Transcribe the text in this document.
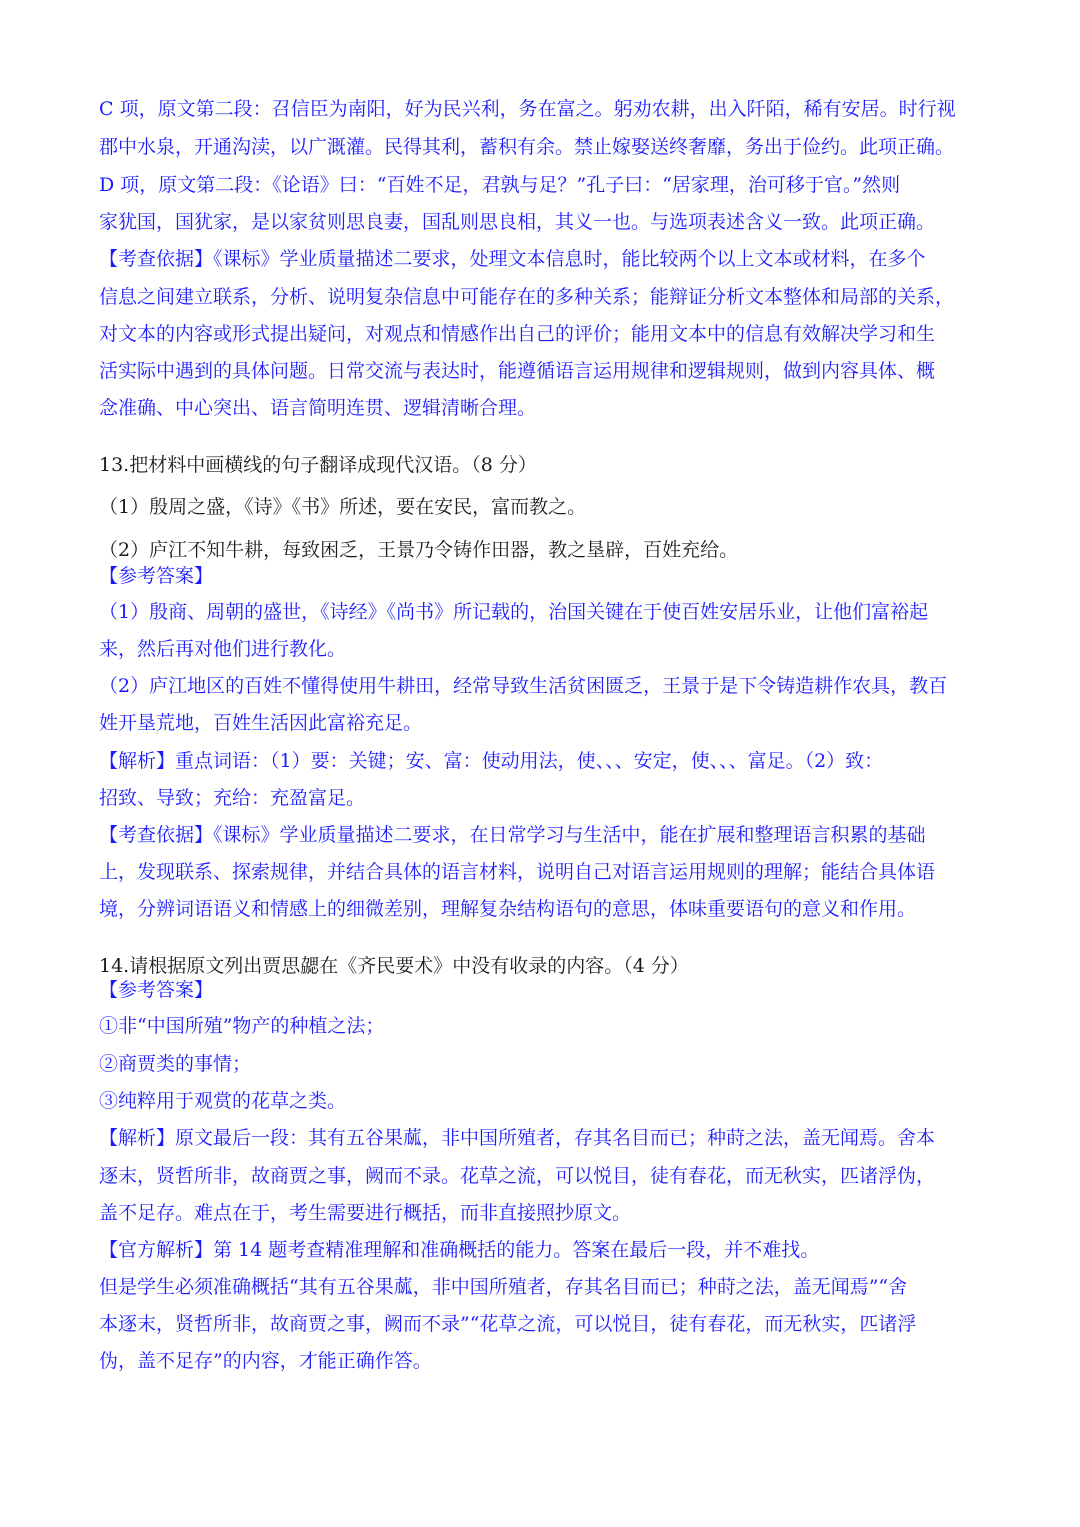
C 项，原文第二段：召信臣为南阳，好为民兴利，务在富之。躬劝农耕，出入阡陌，稀有安居。时行视
郡中水泉，开通沟渎，以广溉灌。民得其利，蓄积有余。禁止嫁娶送终奢靡，务出于俭约。此项正确。
D 项，原文第二段：《论语》曰：“百姓不足，君孰与足？”孔子曰：“居家理，治可移于官。”然则
家犹国，国犹家，是以家贫则思良妻，国乱则思良相，其义一也。与选项表述含义一致。此项正确。
【考查依据】《课标》学业质量描述二要求，处理文本信息时，能比较两个以上文本或材料，在多个
信息之间建立联系，分析、说明复杂信息中可能存在的多种关系；能辩证分析文本整体和局部的关系，
对文本的内容或形式提出疑问，对观点和情感作出自己的评价；能用文本中的信息有效解决学习和生
活实际中遇到的具体问题。日常交流与表达时，能遵循语言运用规律和逻辑规则，做到内容具体、概
念准确、中心突出、语言简明连贯、逻辑清晰合理。
13.把材料中画横线的句子翻译成现代汉语。（8 分）
（1）殷周之盛，《诗》《书》所述，要在安民，富而教之。
（2）庐江不知牛耕，每致困乏，王景乃令铸作田器，教之垦辟，百姓充给。
【参考答案】
（1）殷商、周朝的盛世，《诗经》《尚书》所记载的，治国关键在于使百姓安居乐业，让他们富裕起
来，然后再对他们进行教化。
（2）庐江地区的百姓不懂得使用牛耕田，经常导致生活贫困匮乏，王景于是下令铸造耕作农具，教百
姓开垦荒地，百姓生活因此富裕充足。
【解析】重点词语：（1）要：关键；安、富：使动用法，使、、、安定，使、、、富足。（2）致：
招致、导致；充给：充盈富足。
【考查依据】《课标》学业质量描述二要求，在日常学习与生活中，能在扩展和整理语言积累的基础
上，发现联系、探索规律，并结合具体的语言材料，说明自己对语言运用规则的理解；能结合具体语
境，分辨词语语义和情感上的细微差别，理解复杂结构语句的意思，体味重要语句的意义和作用。
14.请根据原文列出贾思勰在《齐民要术》中没有收录的内容。（4 分）
【参考答案】
①非“中国所殖”物产的种植之法；
②商贾类的事情；
③纯粹用于观赏的花草之类。
【解析】原文最后一段：其有五谷果蓏，非中国所殖者，存其名目而已；种莳之法，盖无闻焉。舍本
逐末，贤哲所非，故商贾之事，阙而不录。花草之流，可以悦目，徒有春花，而无秋实，匹诸浮伪，
盖不足存。难点在于，考生需要进行概括，而非直接照抄原文。
【官方解析】第 14 题考查精准理解和准确概括的能力。答案在最后一段，并不难找。
但是学生必须准确概括“其有五谷果蓏，非中国所殖者，存其名目而已；种莳之法，盖无闻焉”“舍
本逐末，贤哲所非，故商贾之事，阙而不录”“花草之流，可以悦目，徒有春花，而无秋实，匹诸浮
伪，盖不足存”的内容，才能正确作答。
